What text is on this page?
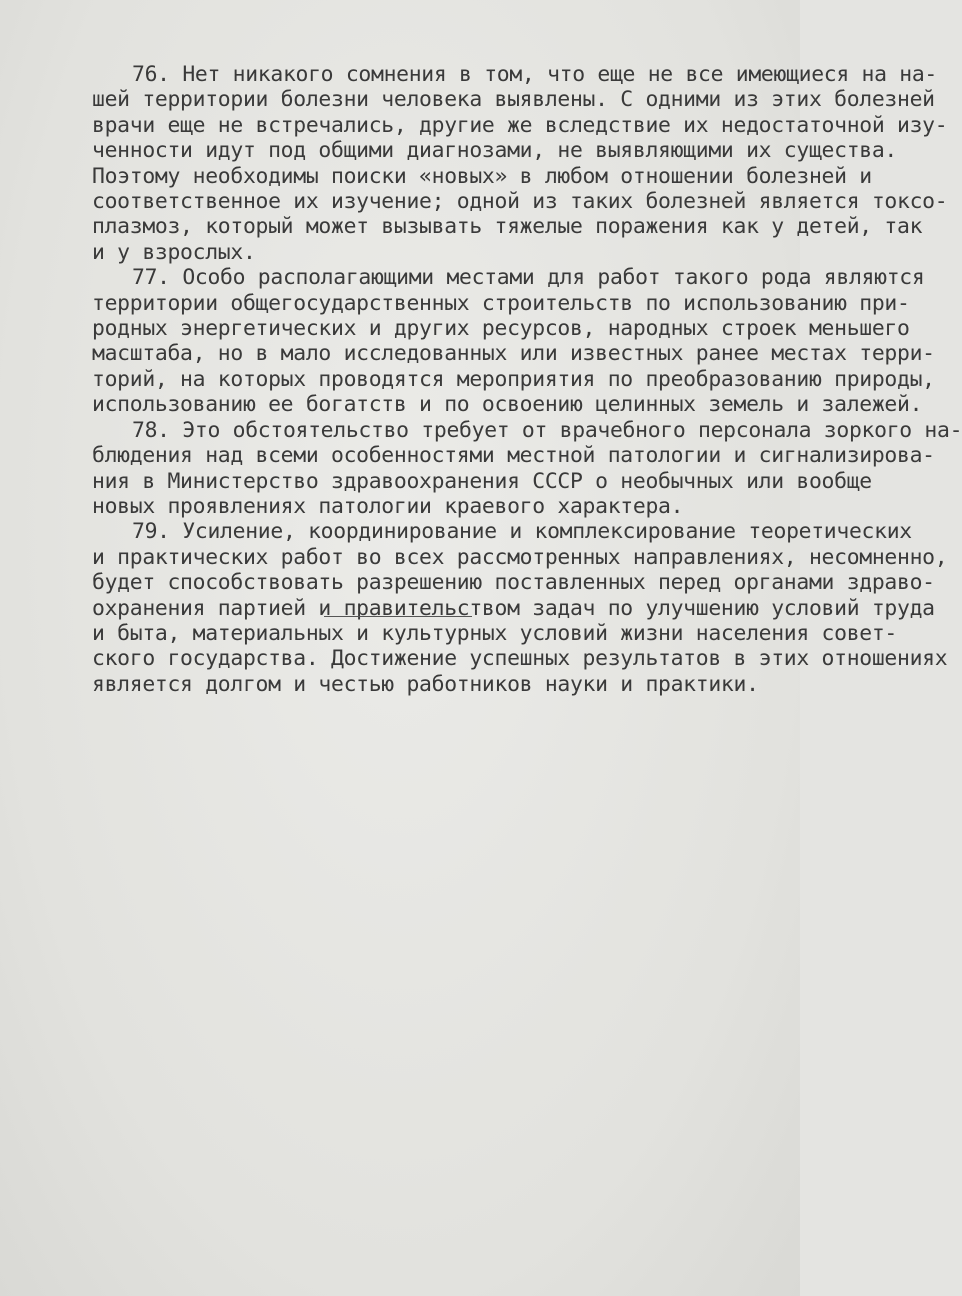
76. Нет никакого сомнения в том, что еще не все имеющиеся на на-
шей территории болезни человека выявлены. С одними из этих болезней
врачи еще не встречались, другие же вследствие их недостаточной изу-
ченности идут под общими диагнозами, не выявляющими их существа.
Поэтому необходимы поиски «новых» в любом отношении болезней и
соответственное их изучение; одной из таких болезней является токсо-
плазмоз, который может вызывать тяжелые поражения как у детей, так
и у взрослых.
77. Особо располагающими местами для работ такого рода являются
территории общегосударственных строительств по использованию при-
родных энергетических и других ресурсов, народных строек меньшего
масштаба, но в мало исследованных или известных ранее местах терри-
торий, на которых проводятся мероприятия по преобразованию природы,
использованию ее богатств и по освоению целинных земель и залежей.
78. Это обстоятельство требует от врачебного персонала зоркого на-
блюдения над всеми особенностями местной патологии и сигнализирова-
ния в Министерство здравоохранения СССР о необычных или вообще
новых проявлениях патологии краевого характера.
79. Усиление, координирование и комплексирование теоретических
и практических работ во всех рассмотренных направлениях, несомненно,
будет способствовать разрешению поставленных перед органами здраво-
охранения партией и правительством задач по улучшению условий труда
и быта, материальных и культурных условий жизни населения совет-
ского государства. Достижение успешных результатов в этих отношениях
является долгом и честью работников науки и практики.
